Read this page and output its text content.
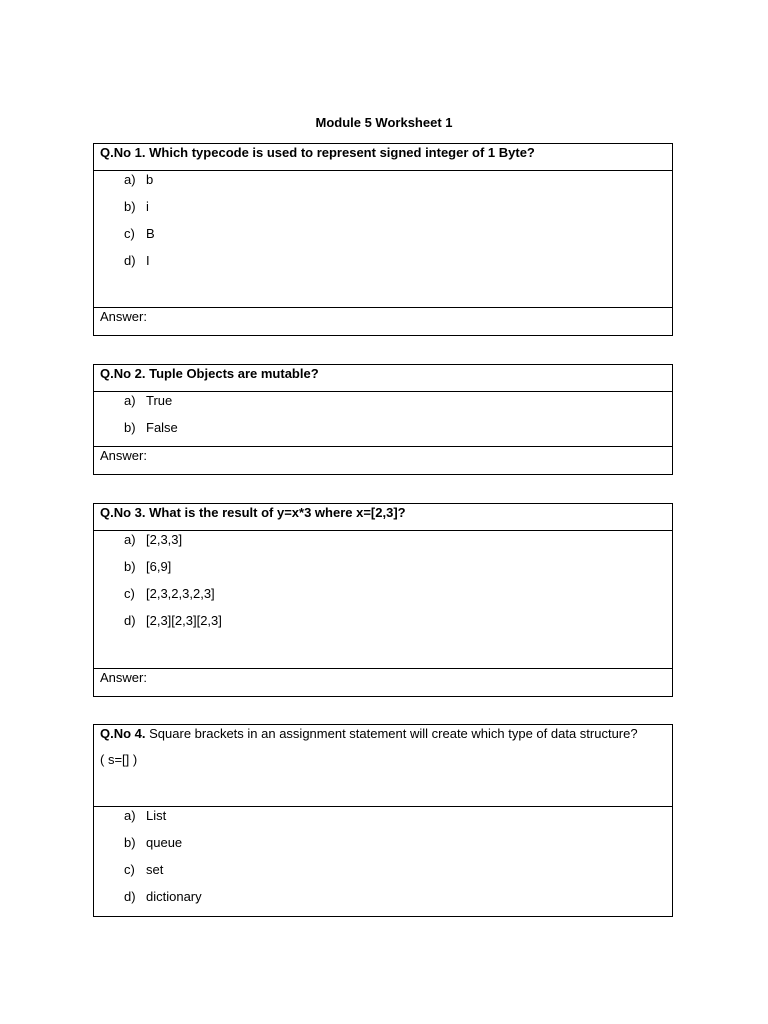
Module 5 Worksheet 1
Q.No 1. Which typecode is used to represent signed integer of 1 Byte?
a) b
b) i
c) B
d) I
Answer:
Q.No 2. Tuple Objects are mutable?
a) True
b) False
Answer:
Q.No 3. What is the result of y=x*3 where x=[2,3]?
a) [2,3,3]
b) [6,9]
c) [2,3,2,3,2,3]
d) [2,3][2,3][2,3]
Answer:
Q.No 4. Square brackets in an assignment statement will create which type of data structure?
( s=[] )
a) List
b) queue
c) set
d) dictionary
